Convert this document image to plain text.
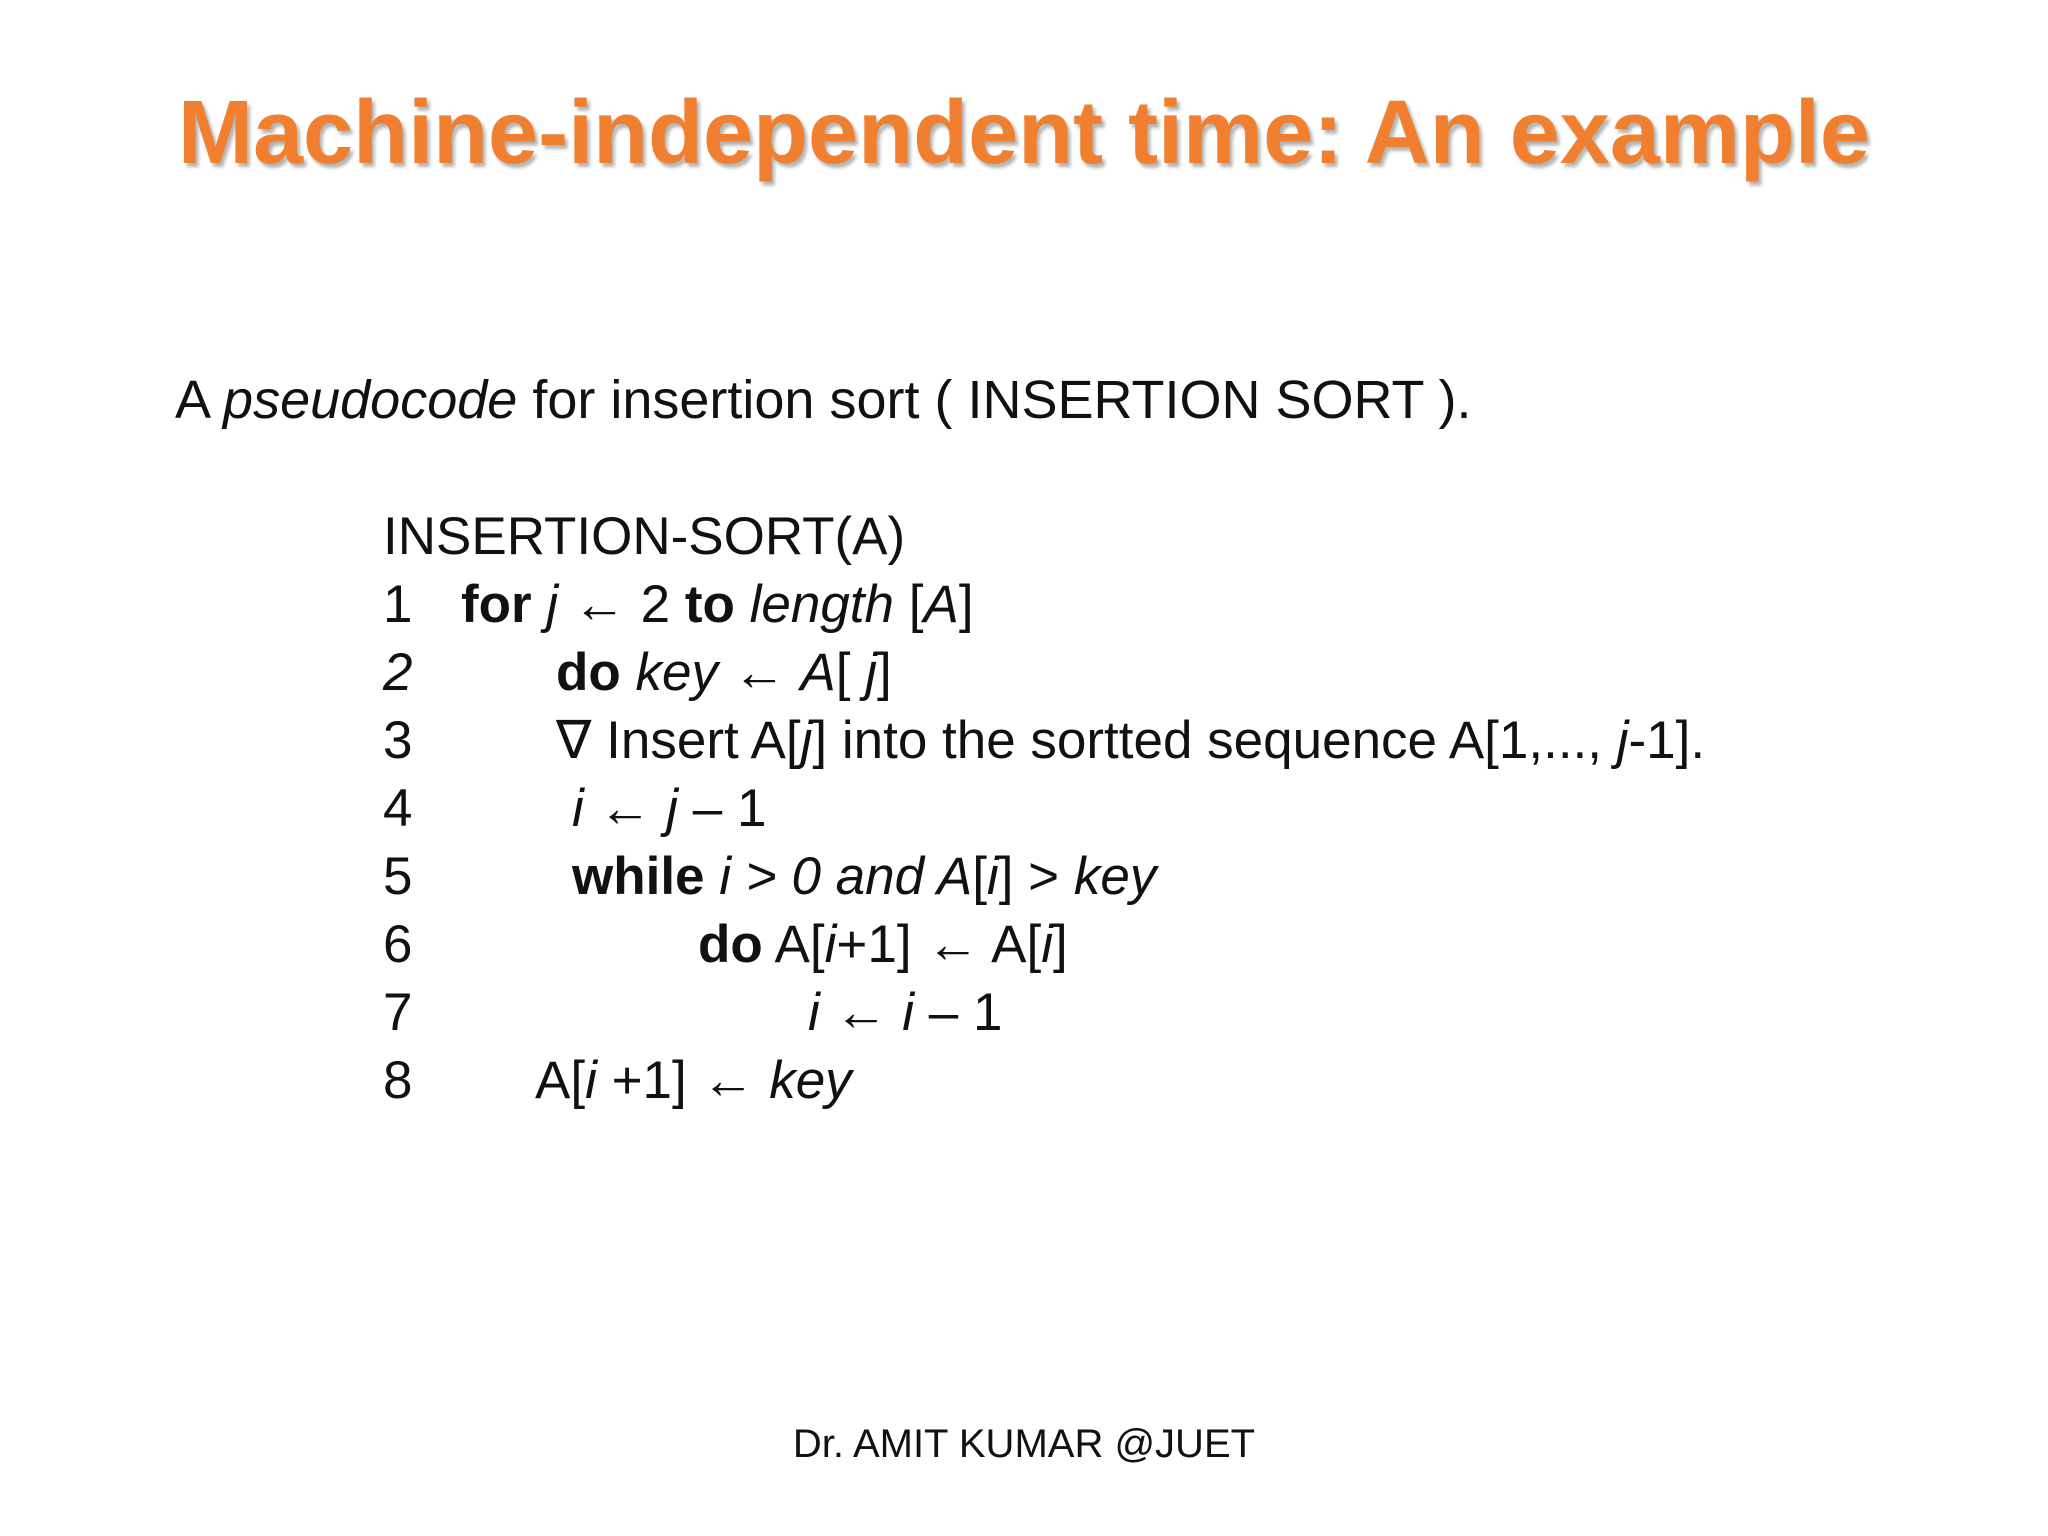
Machine-independent time: An example
A pseudocode for insertion sort ( INSERTION SORT ).
INSERTION-SORT(A)
1 for j ← 2 to length [A]
2	do key ← A[ j]
3	∇ Insert A[j] into the sortted sequence A[1,..., j-1].
4	i ← j – 1
5	while i > 0 and A[i] > key
6	do A[i+1] ← A[i]
7	i ← i – 1
8 A[i +1] ← key
Dr. AMIT KUMAR @JUET
